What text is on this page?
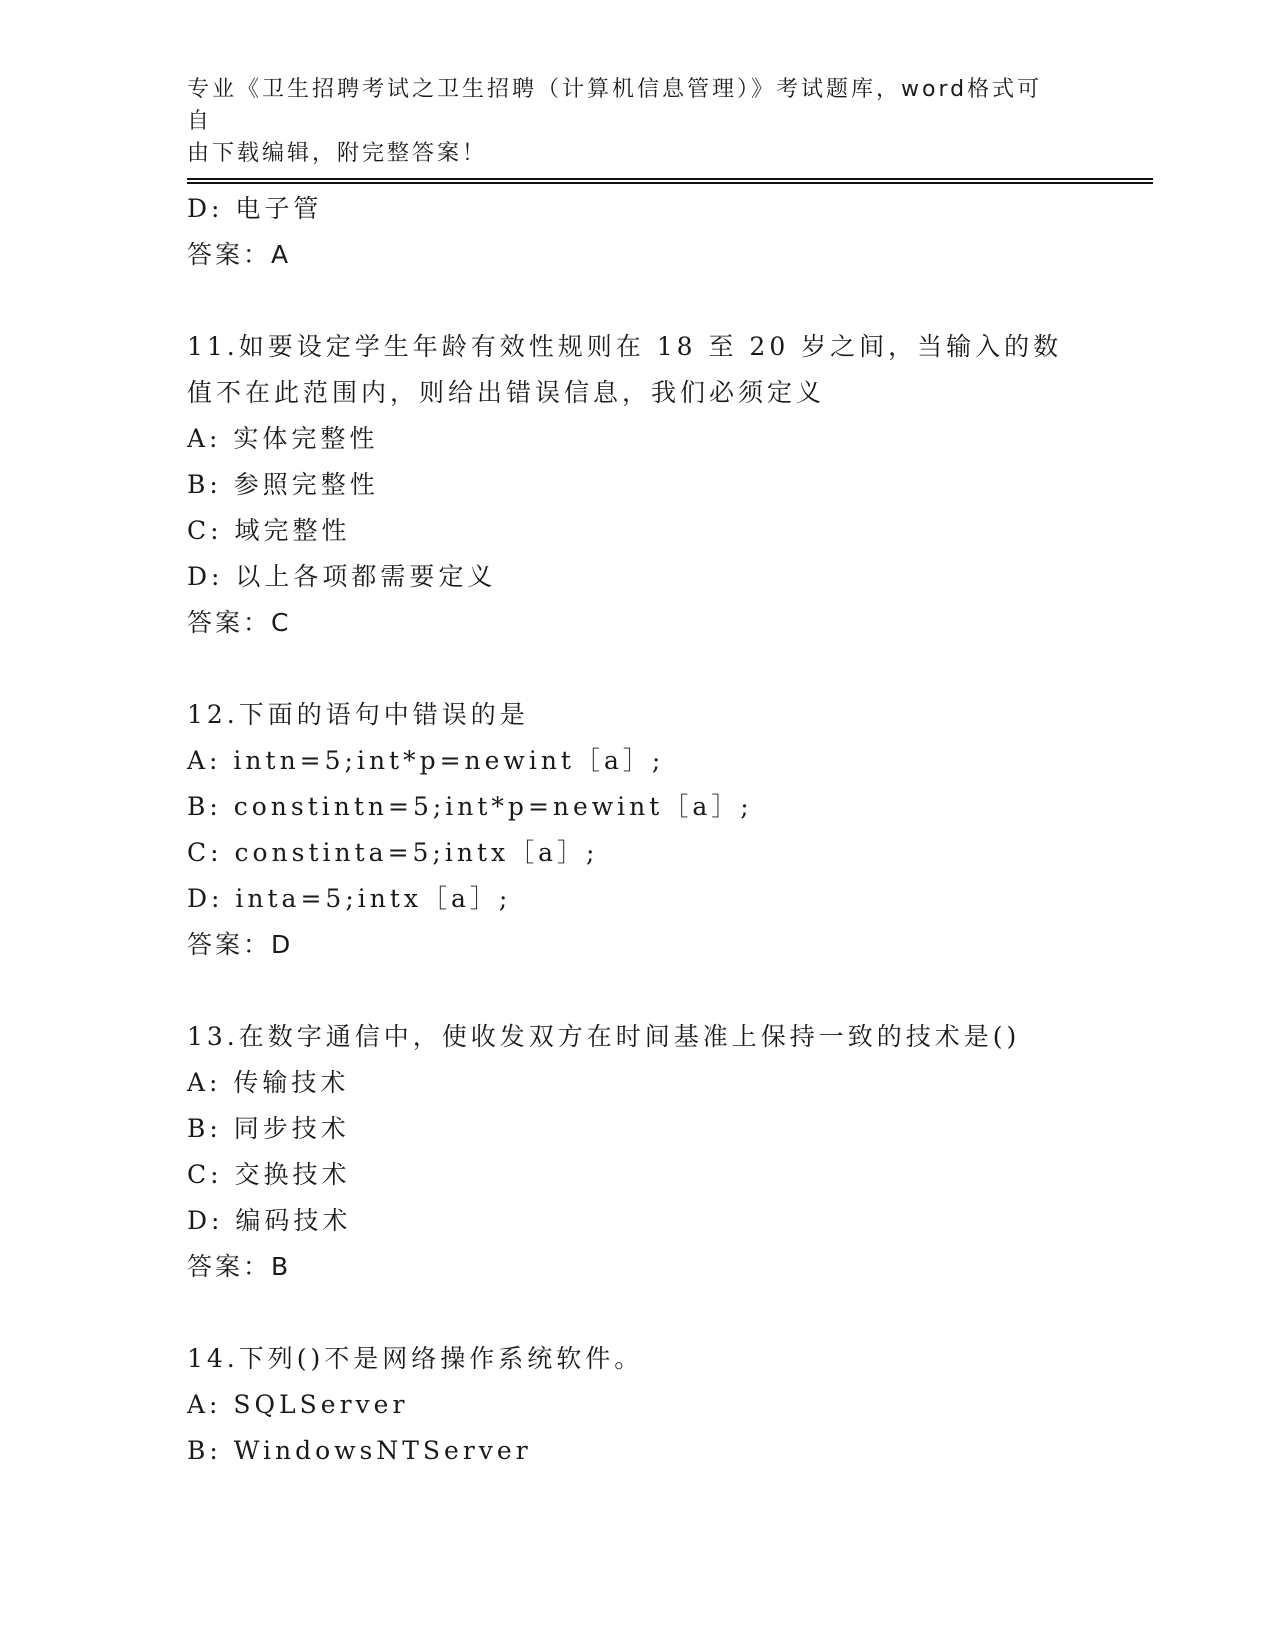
专业《卫生招聘考试之卫生招聘（计算机信息管理）》考试题库，word格式可自
由下载编辑，附完整答案！
D: 电子管
答案：A
11.如要设定学生年龄有效性规则在 18 至 20 岁之间，当输入的数值不在此范围内，则给出错误信息，我们必须定义
A: 实体完整性
B: 参照完整性
C: 域完整性
D: 以上各项都需要定义
答案：C
12.下面的语句中错误的是
A: intn=5;int*p=newint［a］;
B: constintn=5;int*p=newint［a］;
C: constinta=5;intx［a］;
D: inta=5;intx［a］;
答案：D
13.在数字通信中，使收发双方在时间基准上保持一致的技术是()
A: 传输技术
B: 同步技术
C: 交换技术
D: 编码技术
答案：B
14.下列()不是网络操作系统软件。
A: SQLServer
B: WindowsNTServer
